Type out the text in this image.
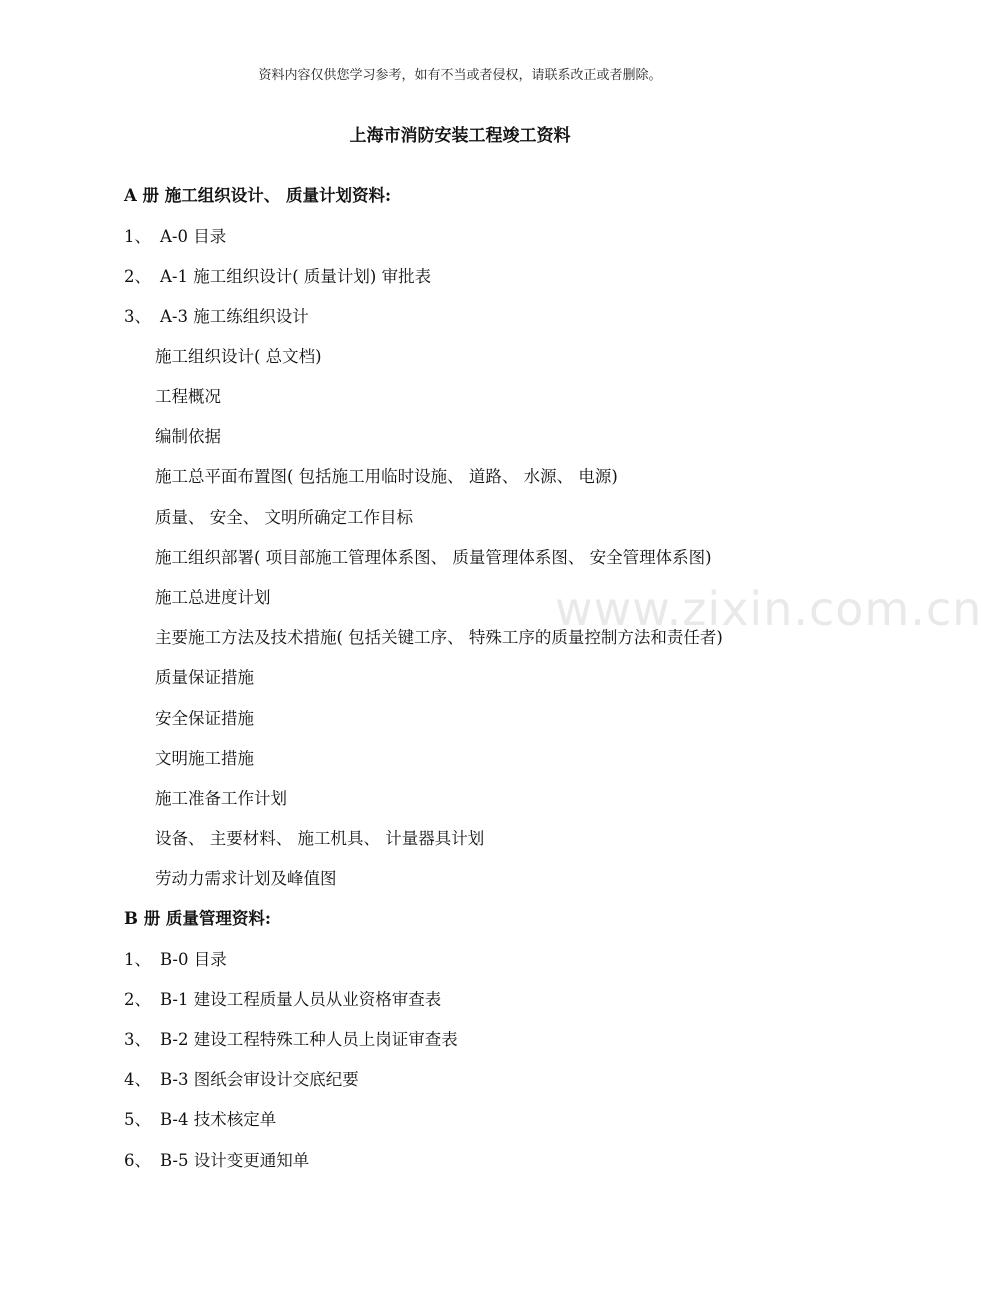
资料内容仅供您学习参考，如有不当或者侵权，请联系改正或者删除。
上海市消防安装工程竣工资料
www.zixin.com.cn
A 册 施工组织设计、 质量计划资料:
1、 A-0 目录
2、 A-1 施工组织设计( 质量计划) 审批表
3、 A-3 施工练组织设计
施工组织设计( 总文档)
工程概况
编制依据
施工总平面布置图( 包括施工用临时设施、 道路、 水源、 电源)
质量、 安全、 文明所确定工作目标
施工组织部署( 项目部施工管理体系图、 质量管理体系图、 安全管理体系图)
施工总进度计划
主要施工方法及技术措施( 包括关键工序、 特殊工序的质量控制方法和责任者)
质量保证措施
安全保证措施
文明施工措施
施工准备工作计划
设备、 主要材料、 施工机具、 计量器具计划
劳动力需求计划及峰值图
B 册 质量管理资料:
1、 B-0 目录
2、 B-1 建设工程质量人员从业资格审查表
3、 B-2 建设工程特殊工种人员上岗证审查表
4、 B-3 图纸会审设计交底纪要
5、 B-4 技术核定单
6、 B-5 设计变更通知单
